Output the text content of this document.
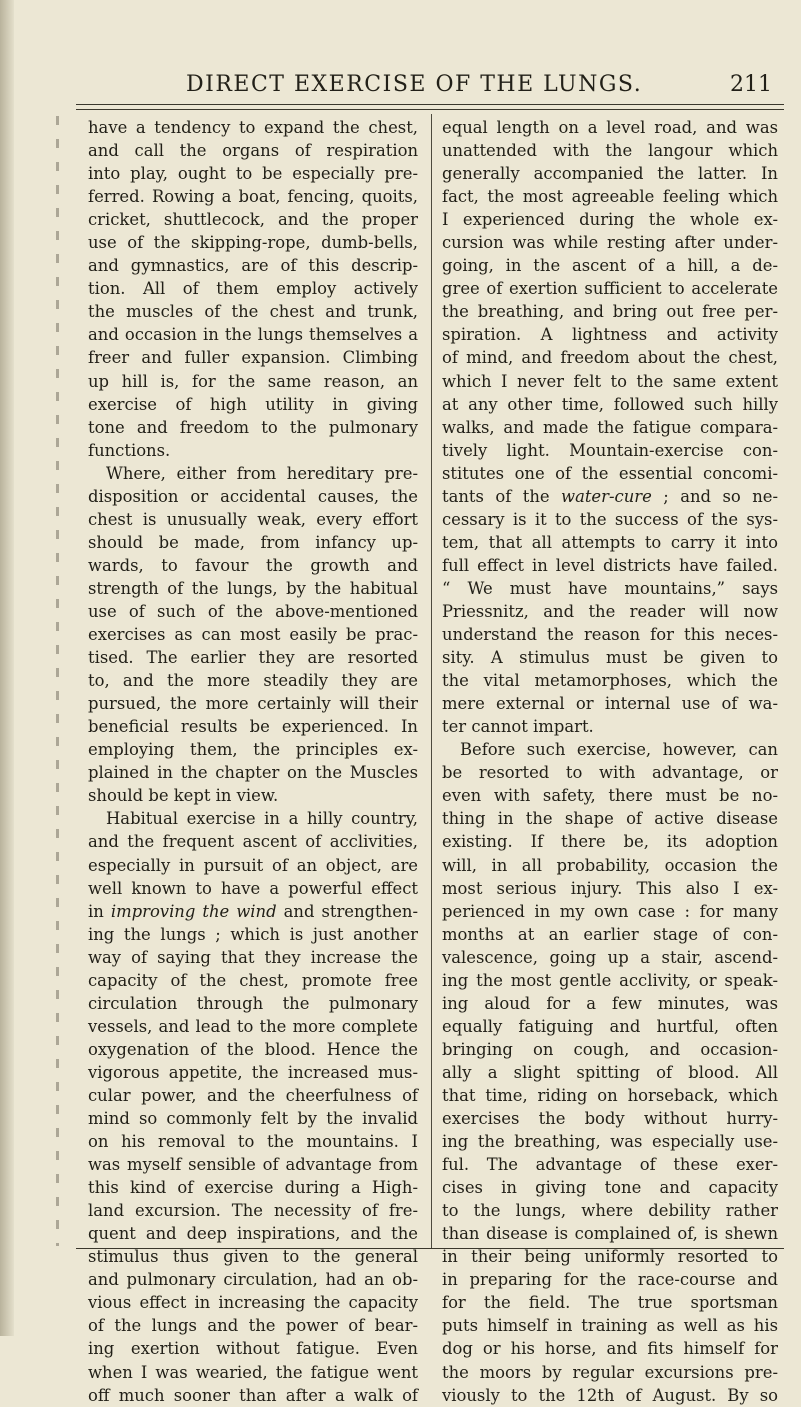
DIRECT EXERCISE OF THE LUNGS.	211
have a tendency to expand the chest,
and call the organs of respiration
into play, ought to be especially pre-
ferred. Rowing a boat, fencing, quoits,
cricket, shuttlecock, and the proper
use of the skipping-rope, dumb-bells,
and gymnastics, are of this descrip-
tion. All of them employ actively
the muscles of the chest and trunk,
and occasion in the lungs themselves a
freer and fuller expansion. Climbing
up hill is, for the same reason, an
exercise of high utility in giving
tone and freedom to the pulmonary
functions.
Where, either from hereditary pre-
disposition or accidental causes, the
chest is unusually weak, every effort
should be made, from infancy up-
wards, to favour the growth and
strength of the lungs, by the habitual
use of such of the above-mentioned
exercises as can most easily be prac-
tised. The earlier they are resorted
to, and the more steadily they are
pursued, the more certainly will their
beneficial results be experienced. In
employing them, the principles ex-
plained in the chapter on the Muscles
should be kept in view.
Habitual exercise in a hilly country,
and the frequent ascent of acclivities,
especially in pursuit of an object, are
well known to have a powerful effect
in improving the wind and strengthen-
ing the lungs ; which is just another
way of saying that they increase the
capacity of the chest, promote free
circulation through the pulmonary
vessels, and lead to the more complete
oxygenation of the blood. Hence the
vigorous appetite, the increased mus-
cular power, and the cheerfulness of
mind so commonly felt by the invalid
on his removal to the mountains. I
was myself sensible of advantage from
this kind of exercise during a High-
land excursion. The necessity of fre-
quent and deep inspirations, and the
stimulus thus given to the general
and pulmonary circulation, had an ob-
vious effect in increasing the capacity
of the lungs and the power of bear-
ing exertion without fatigue. Even
when I was wearied, the fatigue went
off much sooner than after a walk of
equal length on a level road, and was
unattended with the langour which
generally accompanied the latter. In
fact, the most agreeable feeling which
I experienced during the whole ex-
cursion was while resting after under-
going, in the ascent of a hill, a de-
gree of exertion sufficient to accelerate
the breathing, and bring out free per-
spiration. A lightness and activity
of mind, and freedom about the chest,
which I never felt to the same extent
at any other time, followed such hilly
walks, and made the fatigue compara-
tively light. Mountain-exercise con-
stitutes one of the essential concomi-
tants of the water-cure ; and so ne-
cessary is it to the success of the sys-
tem, that all attempts to carry it into
full effect in level districts have failed.
“ We must have mountains,” says
Priessnitz, and the reader will now
understand the reason for this neces-
sity. A stimulus must be given to
the vital metamorphoses, which the
mere external or internal use of wa-
ter cannot impart.
Before such exercise, however, can
be resorted to with advantage, or
even with safety, there must be no-
thing in the shape of active disease
existing. If there be, its adoption
will, in all probability, occasion the
most serious injury. This also I ex-
perienced in my own case : for many
months at an earlier stage of con-
valescence, going up a stair, ascend-
ing the most gentle acclivity, or speak-
ing aloud for a few minutes, was
equally fatiguing and hurtful, often
bringing on cough, and occasion-
ally a slight spitting of blood. All
that time, riding on horseback, which
exercises the body without hurry-
ing the breathing, was especially use-
ful. The advantage of these exer-
cises in giving tone and capacity
to the lungs, where debility rather
than disease is complained of, is shewn
in their being uniformly resorted to
in preparing for the race-course and
for the field. The true sportsman
puts himself in training as well as his
dog or his horse, and fits himself for
the moors by regular excursions pre-
viously to the 12th of August. By so
